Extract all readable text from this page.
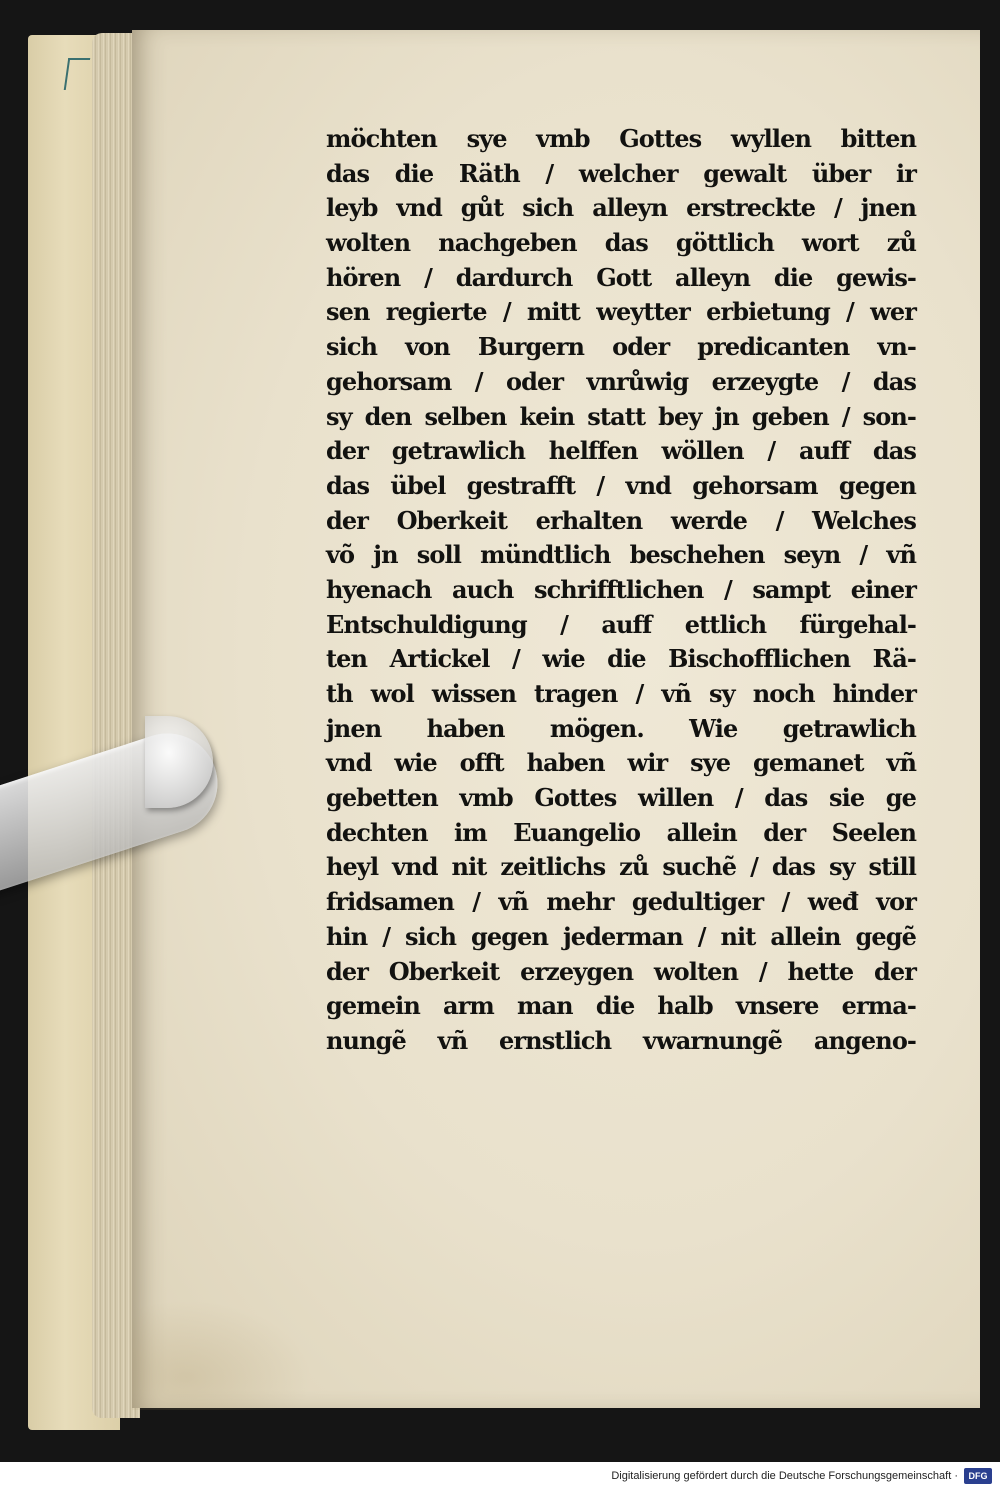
möchten sye vmb Gottes wyllen bitten
das die Räth / welcher gewalt über ir
leyb vnd gůt sich alleyn erstreckte / jnen
wolten nachgeben das göttlich wort zů
hören / dardurch Gott alleyn die gewis-
sen regierte / mitt weytter erbietung / wer
sich von Burgern oder predicanten vn-
gehorsam / oder vnrůwig erzeygte / das
sy den selben kein statt bey jn geben / son-
der getrawlich helffen wöllen / auff das
das übel gestrafft / vnd gehorsam gegen
der Oberkeit erhalten werde / Welches
võ jn soll mündtlich beschehen seyn / vñ
hyenach auch schrifftlichen / sampt einer
Entschuldigung / auff ettlich fürgehal-
ten Artickel / wie die Bischofflichen Rä-
th wol wissen tragen / vñ sy noch hinder
jnen haben mögen. Wie getrawlich
vnd wie offt haben wir sye gemanet vñ
gebetten vmb Gottes willen / das sie ge
dechten im Euangelio allein der Seelen
heyl vnd nit zeitlichs zů suchẽ / das sy still
fridsamen / vñ mehr gedultiger / weđ vor
hin / sich gegen jederman / nit allein gegẽ
der Oberkeit erzeygen wolten / hette der
gemein arm man die halb vnsere erma-
nungẽ vñ ernstlich vwarnungẽ angeno-
Digitalisierung gefördert durch die Deutsche Forschungsgemeinschaft ·	DFG
